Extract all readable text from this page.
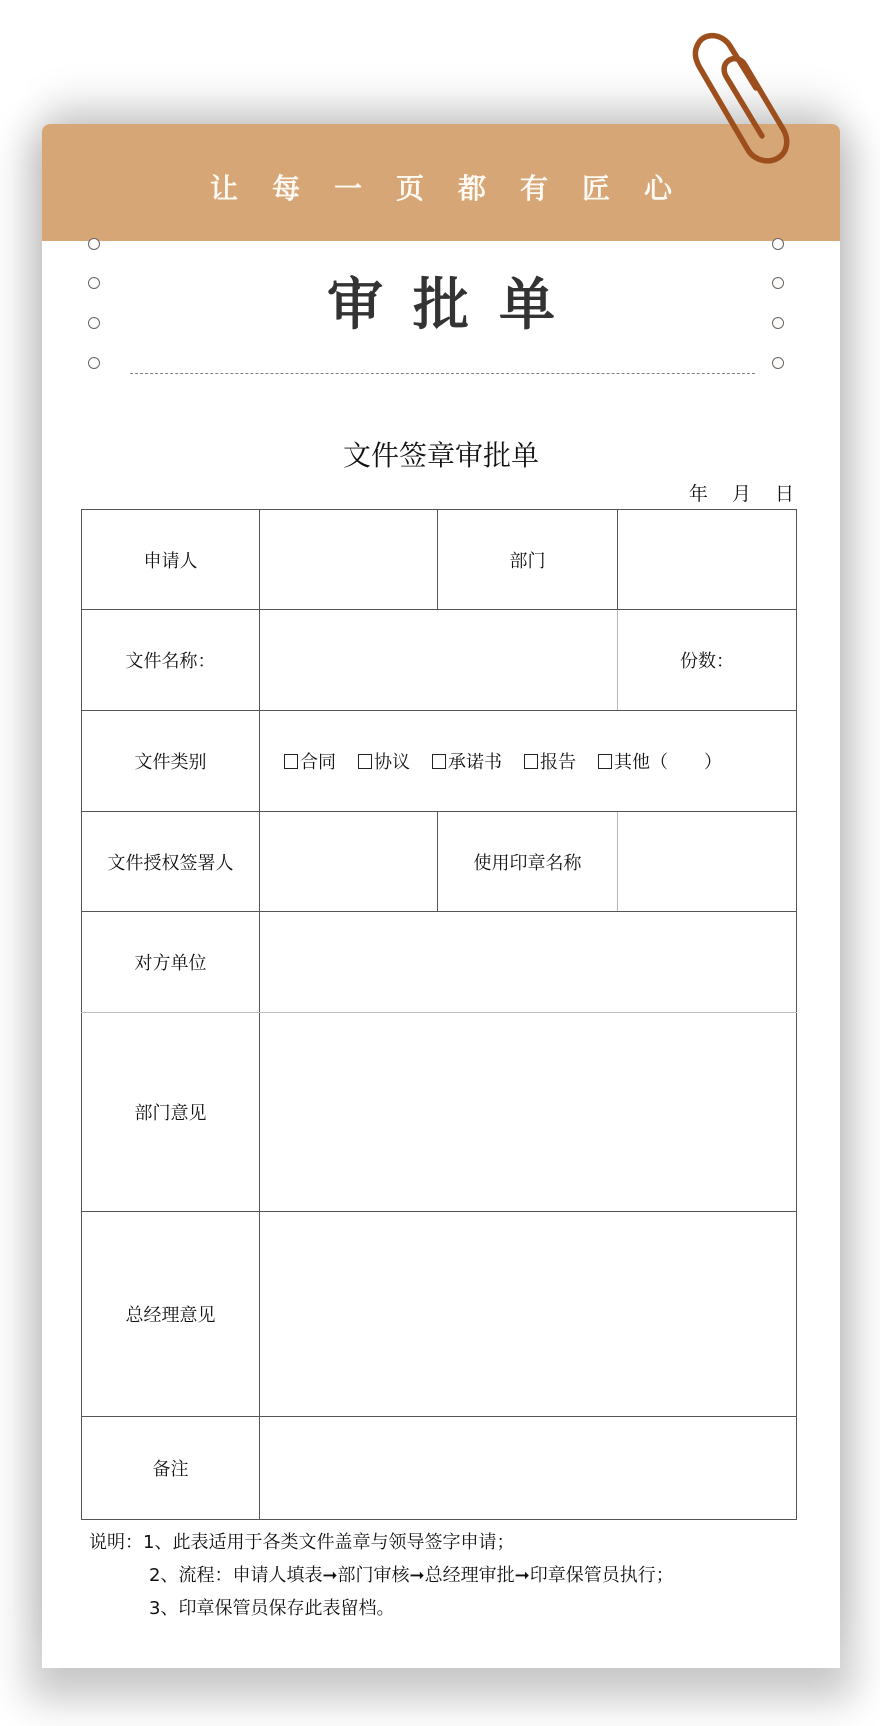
让每一页都有匠心
审批单
文件签章审批单
年 月 日
申请人		部门	
文件名称：			份数：
文件类别	合同 协议 承诺书 报告 其他（　　）		

文件授权签署人		使用印章名称	
对方单位			
部门意见			
总经理意见			
备注			
说明：1、此表适用于各类文件盖章与领导签字申请；
2、流程：申请人填表➞部门审核➞总经理审批➞印章保管员执行；
3、印章保管员保存此表留档。
